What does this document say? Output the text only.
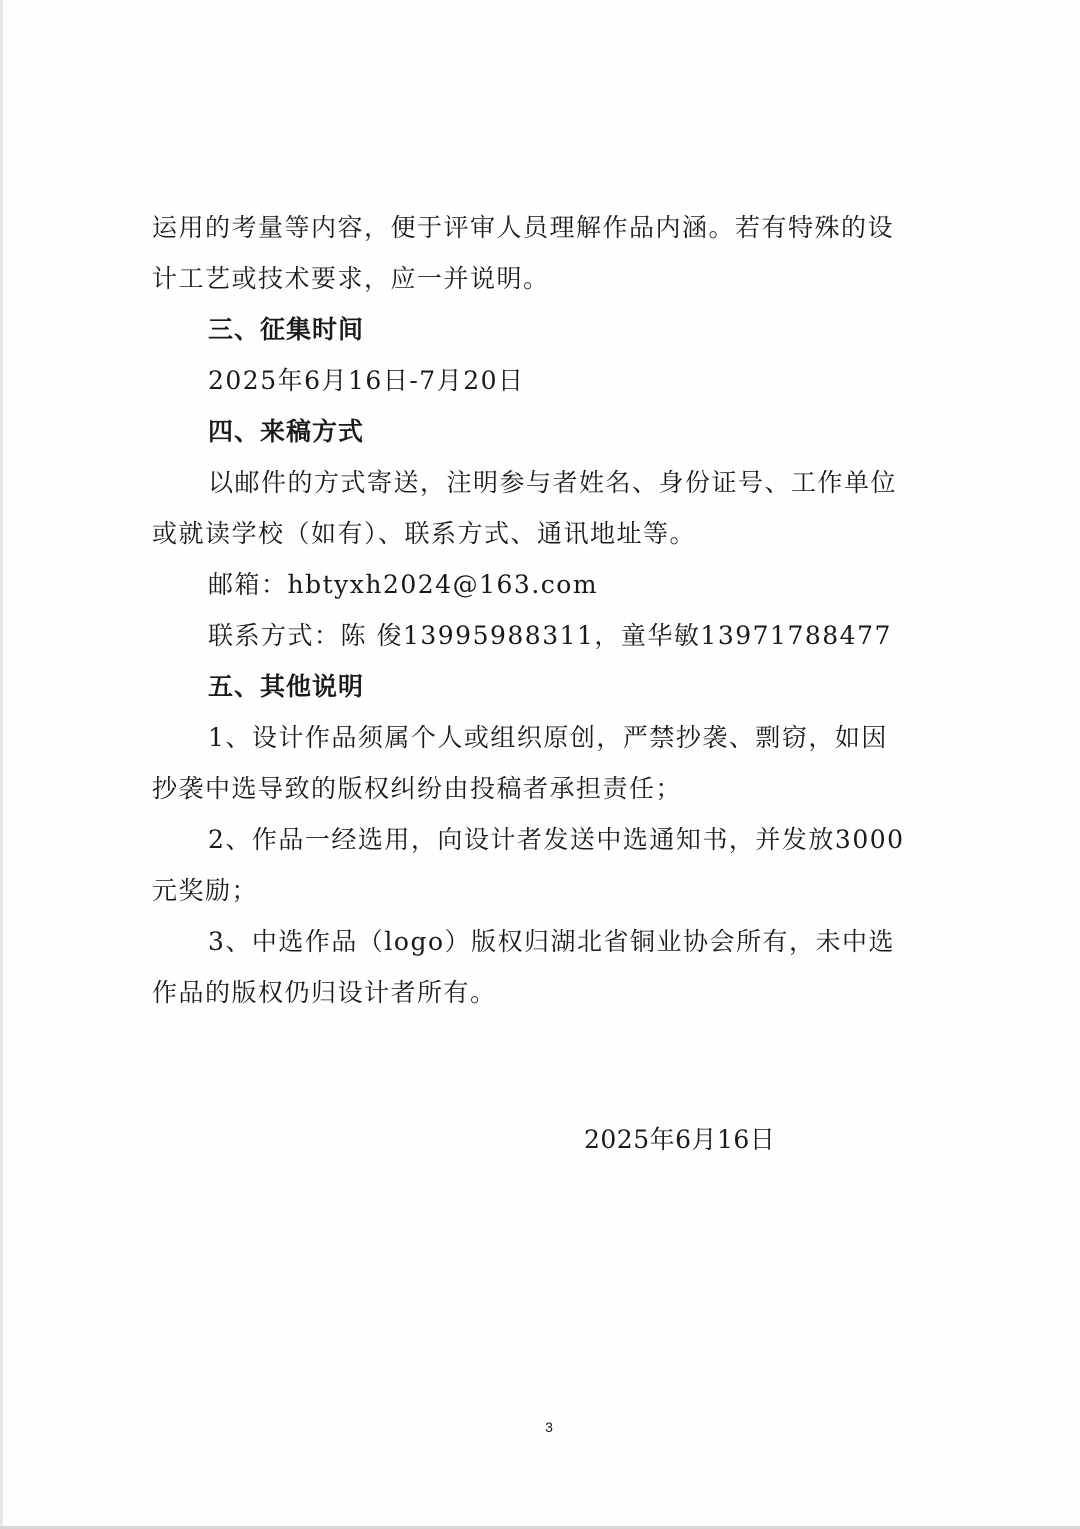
运用的考量等内容，便于评审人员理解作品内涵。若有特殊的设
计工艺或技术要求，应一并说明。
三、征集时间
2025年6月16日-7月20日
四、来稿方式
以邮件的方式寄送，注明参与者姓名、身份证号、工作单位
或就读学校（如有）、联系方式、通讯地址等。
邮箱：hbtyxh2024@163.com
联系方式：陈 俊13995988311，童华敏13971788477
五、其他说明
1、设计作品须属个人或组织原创，严禁抄袭、剽窃，如因
抄袭中选导致的版权纠纷由投稿者承担责任；
2、作品一经选用，向设计者发送中选通知书，并发放3000
元奖励；
3、中选作品（logo）版权归湖北省铜业协会所有，未中选
作品的版权仍归设计者所有。
2025年6月16日
3
